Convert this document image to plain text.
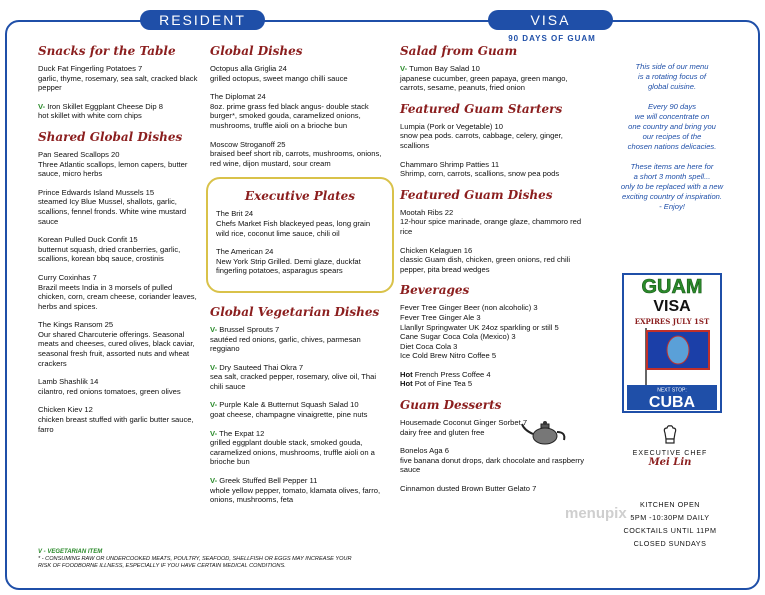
RESIDENT	VISA
90 DAYS OF GUAM
Snacks for the Table
Duck Fat Fingerling Potatoes 7
garlic, thyme, rosemary, sea salt, cracked black pepper
V- Iron Skillet Eggplant Cheese Dip 8
hot skillet with white corn chips
Shared Global Dishes
Pan Seared Scallops 20
Three Atlantic scallops, lemon capers, butter sauce, micro herbs
Prince Edwards Island Mussels 15
steamed Icy Blue Mussel, shallots, garlic, scallions, fennel fronds. White wine mustard sauce
Korean Pulled Duck Confit 15
butternut squash, dried cranberries, garlic, scallions, korean bbq sauce, crostinis
Curry Coxinhas 7
Brazil meets India in 3 morsels of pulled chicken, corn, cream cheese, coriander leaves, herbs and spices.
The Kings Ransom 25
Our shared Charcuterie offerings. Seasonal meats and cheeses, cured olives, black caviar, seasonal fresh fruit, assorted nuts and wheat crackers
Lamb Shashlik 14
cilantro, red onions tomatoes, green olives
Chicken Kiev 12
chicken breast stuffed with garlic butter sauce, farro
Global Dishes
Octopus alla Griglia 24
grilled octopus, sweet mango chilli sauce
The Diplomat 24
8oz. prime grass fed black angus- double stack burger*, smoked gouda, caramelized onions, mushrooms, truffle aioli on a brioche bun
Moscow Stroganoff 25
braised beef short rib, carrots, mushrooms, onions, red wine, dijon mustard, sour cream
Executive Plates
The Brit 24
Chefs Market Fish blackeyed peas, long grain wild rice, coconut lime sauce, chili oil
The American 24
New York Strip Grilled. Demi glaze, duckfat fingerling potatoes, asparagus spears
Global Vegetarian Dishes
V- Brussel Sprouts 7
sautéed red onions, garlic, chives, parmesan reggiano
V- Dry Sauteed Thai Okra 7
sea salt, cracked pepper, rosemary, olive oil, Thai chili sauce
V- Purple Kale & Butternut Squash Salad 10
goat cheese, champagne vinaigrette, pine nuts
V- The Expat 12
grilled eggplant double stack, smoked gouda, caramelized onions, mushrooms, truffle aioli on a brioche bun
V- Greek Stuffed Bell Pepper 11
whole yellow pepper, tomato, klamata olives, farro, onions, mushrooms, feta
Salad from Guam
V- Tumon Bay Salad 10
japanese cucumber, green papaya, green mango, carrots, sesame, peanuts, fried onion
Featured Guam Starters
Lumpia (Pork or Vegetable) 10
snow pea pods. carrots, cabbage, celery, ginger, scallions
Chammaro Shrimp Patties 11
Shrimp, corn, carrots, scallions, snow pea pods
Featured Guam Dishes
Mootah Ribs 22
12-hour spice marinade, orange glaze, chammoro red rice
Chicken Kelaguen 16
classic Guam dish, chicken, green onions, red chili pepper, pita bread wedges
Beverages
Fever Tree Ginger Beer (non alcoholic) 3
Fever Tree Ginger Ale 3
Llanllyr Springwater UK 24oz sparkling or still 5
Cane Sugar Coca Cola (Mexico) 3
Diet Coca Cola 3
Ice Cold Brew Nitro Coffee 5
Hot French Press Coffee 4
Hot Pot of Fine Tea 5
Guam Desserts
Housemade Coconut Ginger Sorbet 7
dairy free and gluten free
Bonelos Aga 6
five banana donut drops, dark chocolate and raspberry sauce
Cinnamon dusted Brown Butter Gelato 7

This side of our menu
is a rotating focus of
global cuisine.

Every 90 days
we will concentrate on
one country and bring you
our recipes of the
chosen nations delicacies.

These items are here for
a short 3 month spell...
only to be replaced with a new
exciting country of inspiration.
- Enjoy!

GUAM
VISA
EXPIRES JULY 1ST
NEXT STOP:
CUBA
EXECUTIVE CHEF
Mei Lin
KITCHEN OPEN
5PM -10:30PM DAILY
COCKTAILS UNTIL 11PM
CLOSED SUNDAYS
V - VEGETARIAN ITEM
* - CONSUMING RAW OR UNDERCOOKED MEATS, POULTRY, SEAFOOD, SHELLFISH OR EGGS MAY INCREASE YOUR RISK OF FOODBORNE ILLNESS, ESPECIALLY IF YOU HAVE CERTAIN MEDICAL CONDITIONS.
menupix
